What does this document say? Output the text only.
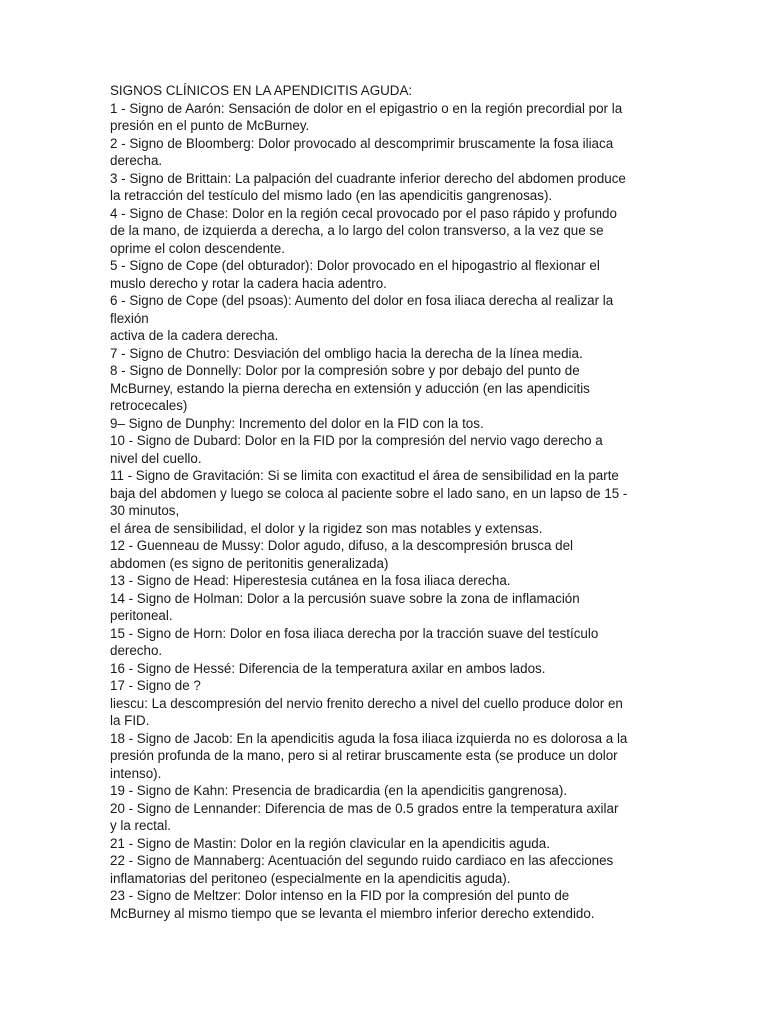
SIGNOS CLÍNICOS EN LA APENDICITIS AGUDA:
1 - Signo de Aarón: Sensación de dolor en el epigastrio o en la región precordial por la
presión en el punto de McBurney.
2 - Signo de Bloomberg: Dolor provocado al descomprimir bruscamente la fosa iliaca
derecha.
3 - Signo de Brittain: La palpación del cuadrante inferior derecho del abdomen produce
la retracción del testículo del mismo lado (en las apendicitis gangrenosas).
4 - Signo de Chase: Dolor en la región cecal provocado por el paso rápido y profundo
de la mano, de izquierda a derecha, a lo largo del colon transverso, a la vez que se
oprime el colon descendente.
5 - Signo de Cope (del obturador): Dolor provocado en el hipogastrio al flexionar el
muslo derecho y rotar la cadera hacia adentro.
6 - Signo de Cope (del psoas): Aumento del dolor en fosa iliaca derecha al realizar la
flexión
activa de la cadera derecha.
7 - Signo de Chutro: Desviación del ombligo hacia la derecha de la línea media.
8 - Signo de Donnelly: Dolor por la compresión sobre y por debajo del punto de
McBurney, estando la pierna derecha en extensión y aducción (en las apendicitis
retrocecales)
9– Signo de Dunphy: Incremento del dolor en la FID con la tos.
10 - Signo de Dubard: Dolor en la FID por la compresión del nervio vago derecho a
nivel del cuello.
11 - Signo de Gravitación: Si se limita con exactitud el área de sensibilidad en la parte
baja del abdomen y luego se coloca al paciente sobre el lado sano, en un lapso de 15 -
30 minutos,
el área de sensibilidad, el dolor y la rigidez son mas notables y extensas.
12 - Guenneau de Mussy: Dolor agudo, difuso, a la descompresión brusca del
abdomen (es signo de peritonitis generalizada)
13 - Signo de Head: Hiperestesia cutánea en la fosa iliaca derecha.
14 - Signo de Holman: Dolor a la percusión suave sobre la zona de inflamación
peritoneal.
15 - Signo de Horn: Dolor en fosa iliaca derecha por la tracción suave del testículo
derecho.
16 - Signo de Hessé: Diferencia de la temperatura axilar en ambos lados.
17 - Signo de ?
liescu: La descompresión del nervio frenito derecho a nivel del cuello produce dolor en
la FID.
18 - Signo de Jacob: En la apendicitis aguda la fosa iliaca izquierda no es dolorosa a la
presión profunda de la mano, pero si al retirar bruscamente esta (se produce un dolor
intenso).
19 - Signo de Kahn: Presencia de bradicardia (en la apendicitis gangrenosa).
20 - Signo de Lennander: Diferencia de mas de 0.5 grados entre la temperatura axilar
y la rectal.
21 - Signo de Mastin: Dolor en la región clavicular en la apendicitis aguda.
22 - Signo de Mannaberg: Acentuación del segundo ruido cardiaco en las afecciones
inflamatorias del peritoneo (especialmente en la apendicitis aguda).
23 - Signo de Meltzer: Dolor intenso en la FID por la compresión del punto de
McBurney al mismo tiempo que se levanta el miembro inferior derecho extendido.
